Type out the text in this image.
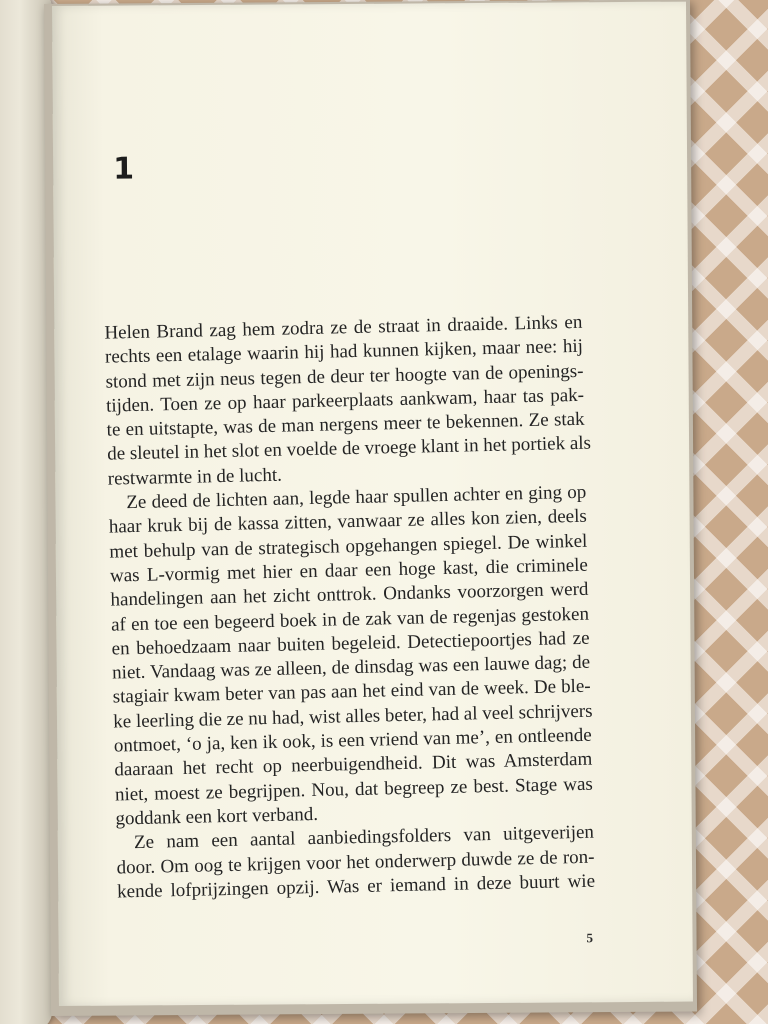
1
Helen Brand zag hem zodra ze de straat in draaide. Links en
rechts een etalage waarin hij had kunnen kijken, maar nee: hij
stond met zijn neus tegen de deur ter hoogte van de openings-
tijden. Toen ze op haar parkeerplaats aankwam, haar tas pak-
te en uitstapte, was de man nergens meer te bekennen. Ze stak
de sleutel in het slot en voelde de vroege klant in het portiek als
restwarmte in de lucht.
Ze deed de lichten aan, legde haar spullen achter en ging op
haar kruk bij de kassa zitten, vanwaar ze alles kon zien, deels
met behulp van de strategisch opgehangen spiegel. De winkel
was L-vormig met hier en daar een hoge kast, die criminele
handelingen aan het zicht onttrok. Ondanks voorzorgen werd
af en toe een begeerd boek in de zak van de regenjas gestoken
en behoedzaam naar buiten begeleid. Detectiepoortjes had ze
niet. Vandaag was ze alleen, de dinsdag was een lauwe dag; de
stagiair kwam beter van pas aan het eind van de week. De ble-
ke leerling die ze nu had, wist alles beter, had al veel schrijvers
ontmoet, ‘o ja, ken ik ook, is een vriend van me’, en ontleende
daaraan het recht op neerbuigendheid. Dit was Amsterdam
niet, moest ze begrijpen. Nou, dat begreep ze best. Stage was
goddank een kort verband.
Ze nam een aantal aanbiedingsfolders van uitgeverijen
door. Om oog te krijgen voor het onderwerp duwde ze de ron-
kende lofprijzingen opzij. Was er iemand in deze buurt wie
5
